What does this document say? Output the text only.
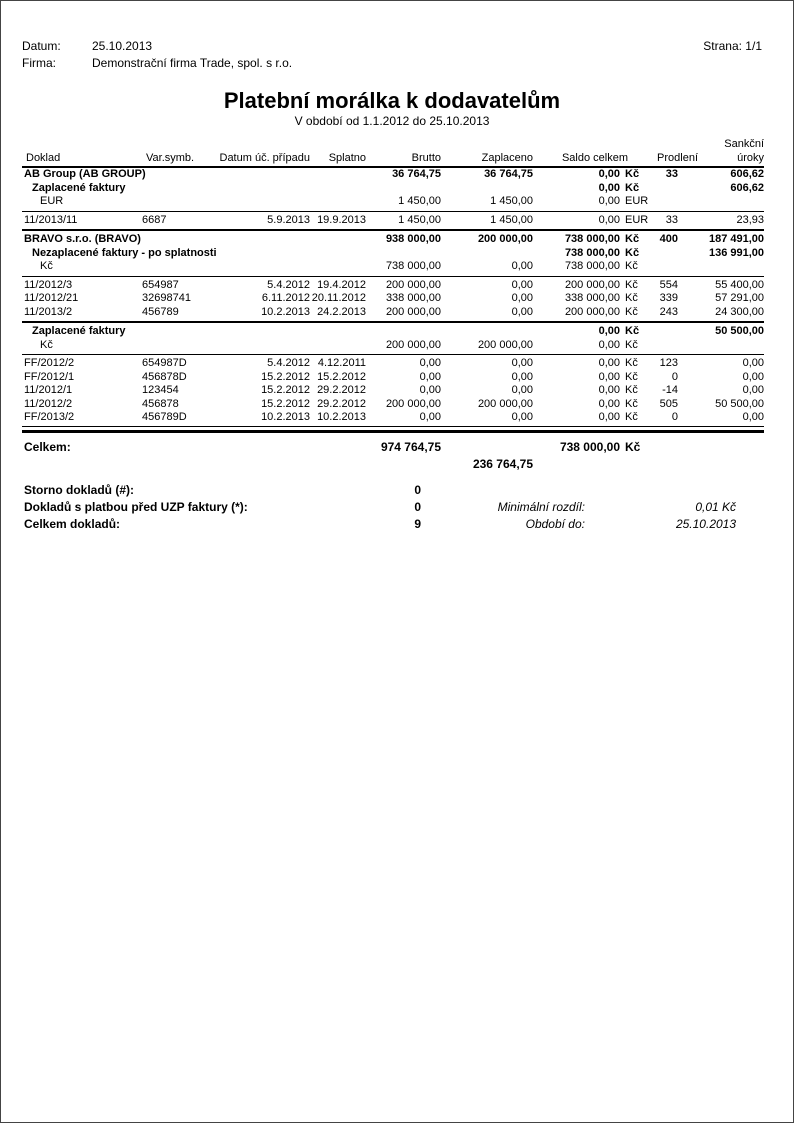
Datum:	25.10.2013
Firma:	Demonstrační firma Trade, spol. s r.o.
Strana: 1/1
Platební morálka k dodavatelům
V období od 1.1.2012 do 25.10.2013
Doklad	Var.symb.	Datum úč. případu	Splatno	Brutto	Zaplaceno	Saldo celkem		Prodlení	Sankční
úroky

AB Group (AB GROUP)				36 764,75	36 764,75	0,00	Kč	33	606,62
Zaplacené faktury						0,00	Kč		606,62
EUR				1 450,00	1 450,00	0,00	EUR		

11/2013/11	6687	5.9.2013	19.9.2013	1 450,00	1 450,00	0,00	EUR	33	23,93

BRAVO s.r.o. (BRAVO)				938 000,00	200 000,00	738 000,00	Kč	400	187 491,00
Nezaplacené faktury - po splatnosti						738 000,00	Kč		136 991,00
Kč				738 000,00	0,00	738 000,00	Kč		

11/2012/3	654987	5.4.2012	19.4.2012	200 000,00	0,00	200 000,00	Kč	554	55 400,00
11/2012/21	32698741	6.11.2012	20.11.2012	338 000,00	0,00	338 000,00	Kč	339	57 291,00
11/2013/2	456789	10.2.2013	24.2.2013	200 000,00	0,00	200 000,00	Kč	243	24 300,00

Zaplacené faktury						0,00	Kč		50 500,00
Kč				200 000,00	200 000,00	0,00	Kč		

FF/2012/2	654987D	5.4.2012	4.12.2011	0,00	0,00	0,00	Kč	123	0,00
FF/2012/1	456878D	15.2.2012	15.2.2012	0,00	0,00	0,00	Kč	0	0,00
11/2012/1	123454	15.2.2012	29.2.2012	0,00	0,00	0,00	Kč	-14	0,00
11/2012/2	456878	15.2.2012	29.2.2012	200 000,00	200 000,00	0,00	Kč	505	50 500,00
FF/2013/2	456789D	10.2.2013	10.2.2013	0,00	0,00	0,00	Kč	0	0,00

Celkem:				974 764,75		738 000,00	Kč		
					236 764,75				

Storno dokladů (#):				0					
Dokladů s platbou před UZP faktury (*):				0	Minimální rozdíl:		0,01 Kč		
Celkem dokladů:				9	Období do:		25.10.2013		
